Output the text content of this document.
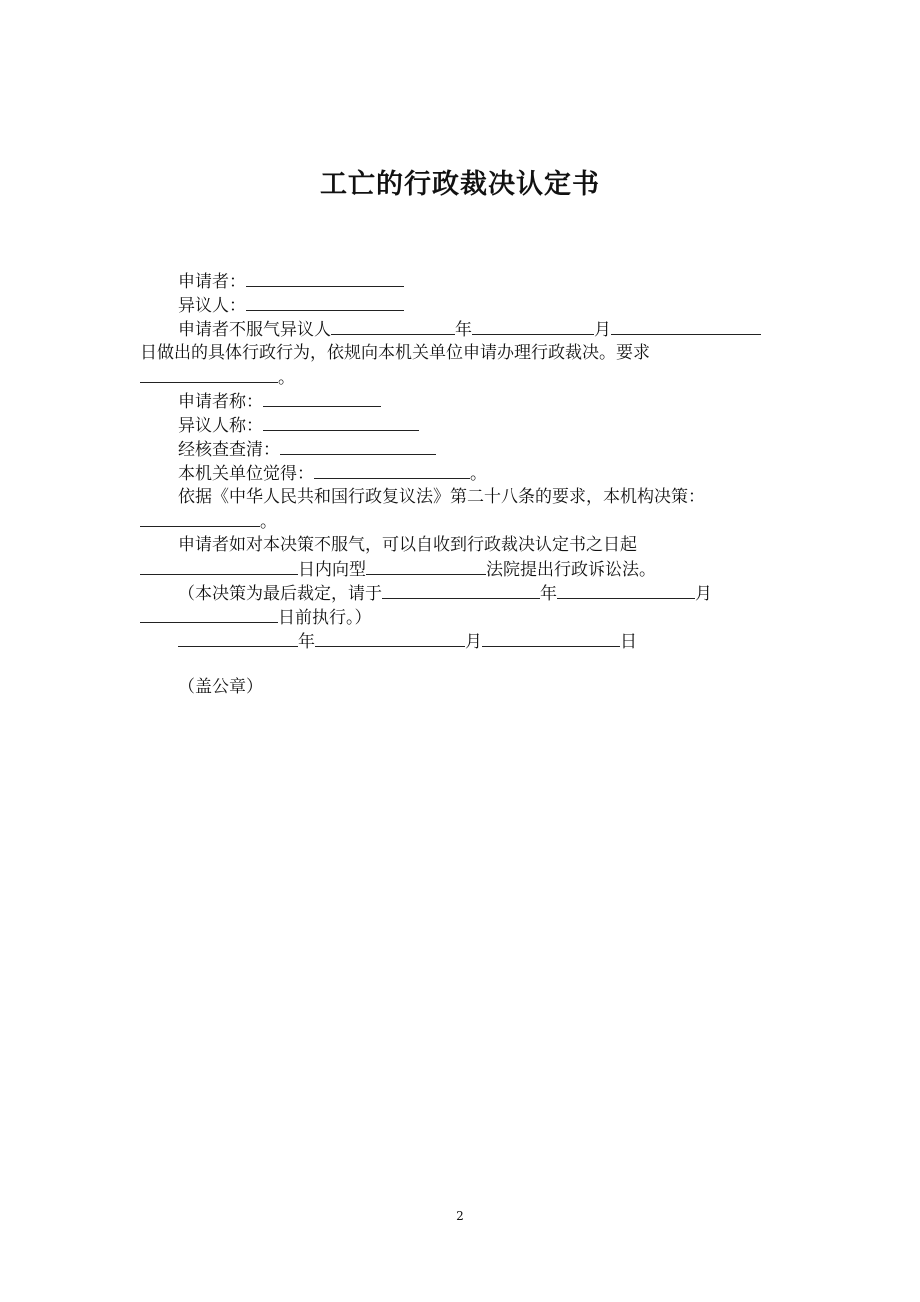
工亡的行政裁决认定书
申请者：
异议人：
申请者不服气异议人	年	月
日做出的具体行政行为，依规向本机关单位申请办理行政裁决。要求
。
申请者称：
异议人称：
经核查查清：
本机关单位觉得：	。
依据《中华人民共和国行政复议法》第二十八条的要求，本机构决策：
。
申请者如对本决策不服气，可以自收到行政裁决认定书之日起
日内向型	法院提出行政诉讼法。
（本决策为最后裁定，请于	年	月
日前执行。）
年	月	日
（盖公章）
2
